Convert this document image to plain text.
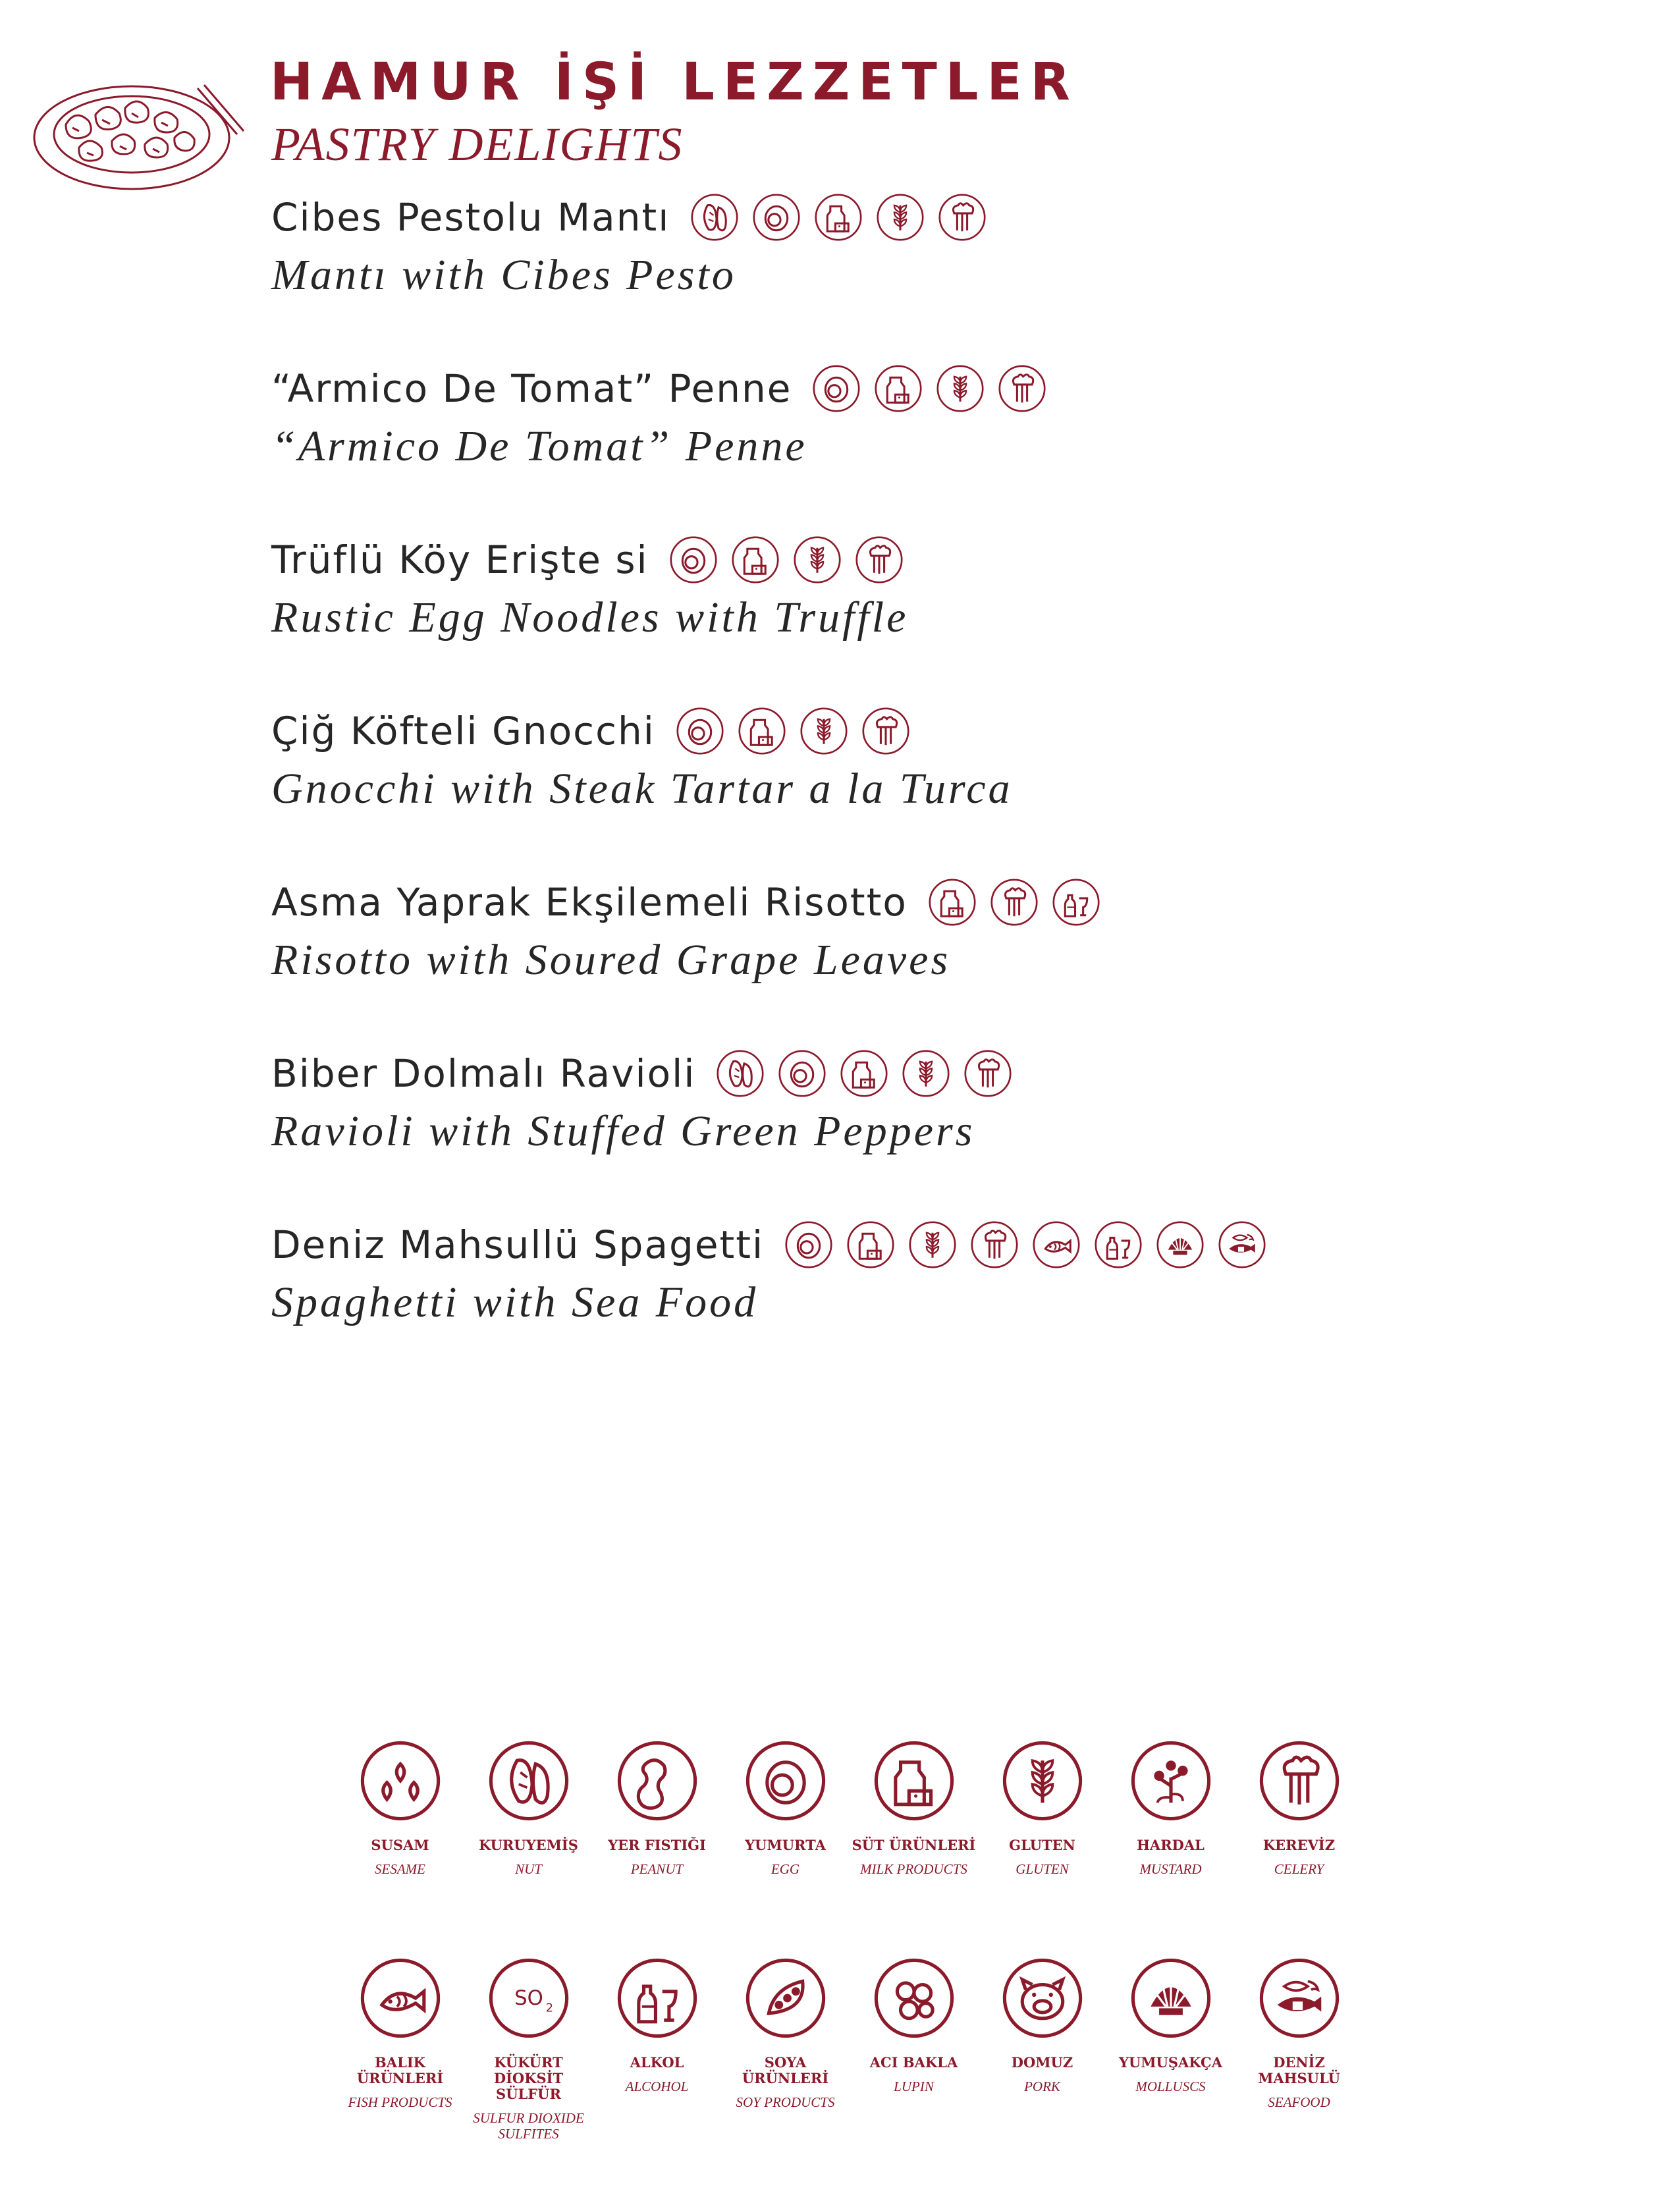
HAMUR İŞİ LEZZETLER
PASTRY DELIGHTS
Cibes Pestolu Mantı
Mantı with Cibes Pesto
“Armico De Tomat” Penne
“Armico De Tomat” Penne
Trüflü Köy Erişte si
Rustic Egg Noodles with Truffle
Çiğ Köfteli Gnocchi
Gnocchi with Steak Tartar a la Turca
Asma Yaprak Ekşilemeli Risotto
Risotto with Soured Grape Leaves
Biber Dolmalı Ravioli
Ravioli with Stuffed Green Peppers
Deniz Mahsullü Spagetti
Spaghetti with Sea Food
SUSAM
SESAME
KURUYEMİŞ
NUT
YER FISTIĞI
PEANUT
YUMURTA
EGG
SÜT ÜRÜNLERİ
MILK PRODUCTS
GLUTEN
GLUTEN
HARDAL
MUSTARD
KEREVİZ
CELERY
BALIK ÜRÜNLERİ
FISH PRODUCTS
SO 2
KÜKÜRT DİOKSİT SÜLFÜR
SULFUR DIOXIDE SULFITES
ALKOL
ALCOHOL
SOYA ÜRÜNLERİ
SOY PRODUCTS
ACI BAKLA
LUPIN
DOMUZ
PORK
YUMUŞAKÇA
MOLLUSCS
DENİZ MAHSULÜ
SEAFOOD
